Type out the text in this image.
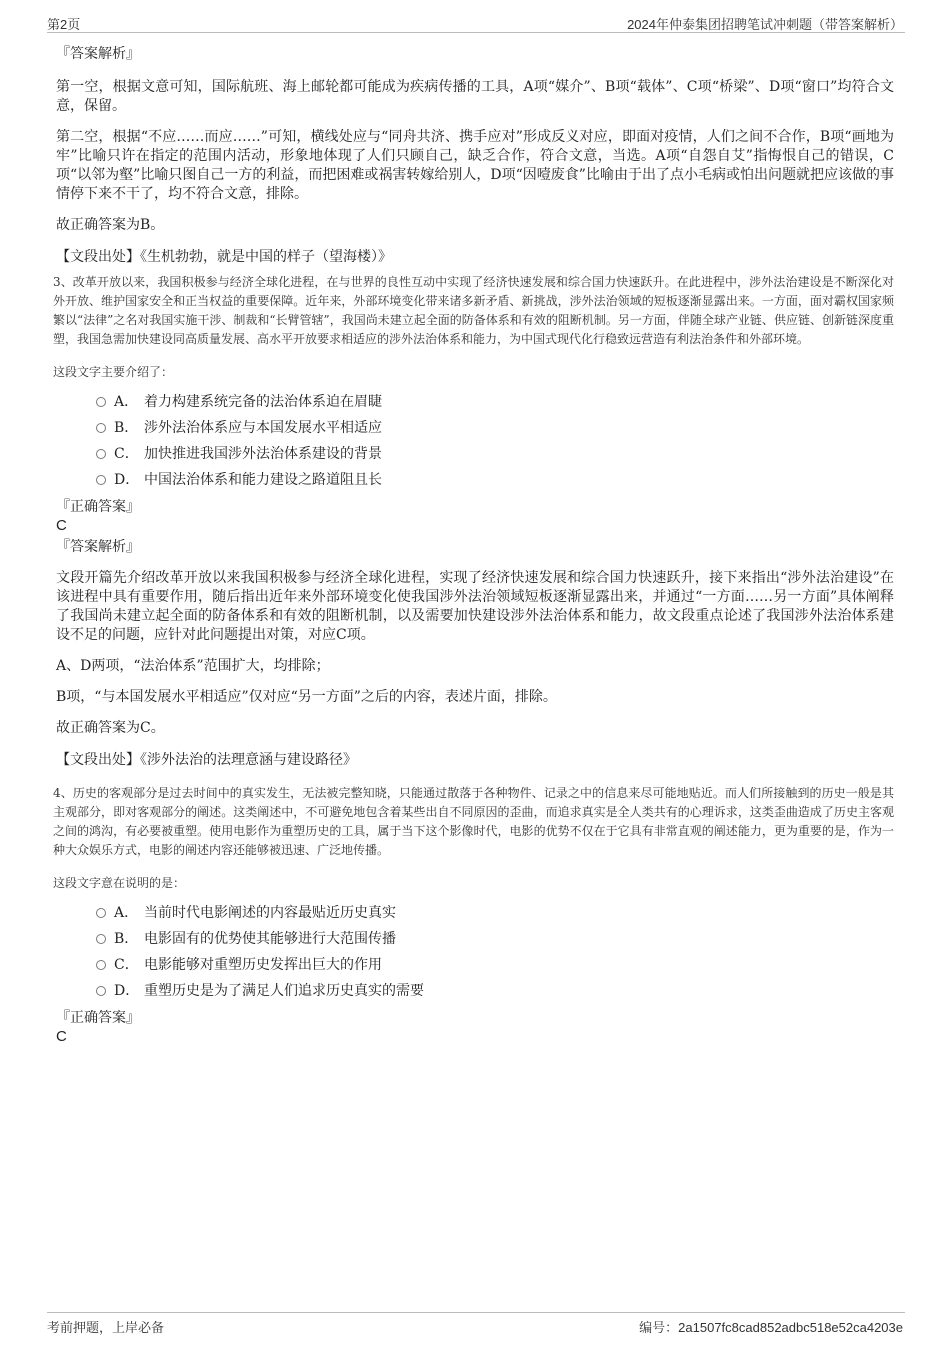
第2页	2024年仲泰集团招聘笔试冲刺题（带答案解析）

『答案解析』

第一空，根据文意可知，国际航班、海上邮轮都可能成为疾病传播的工具，A项“媒介”、B项“载体”、C项“桥梁”、D项“窗口”均符合文意，保留。

第二空，根据“不应……而应……”可知，横线处应与“同舟共济、携手应对”形成反义对应，即面对疫情，人们之间不合作，B项“画地为牢”比喻只许在指定的范围内活动，形象地体现了人们只顾自己，缺乏合作，符合文意，当选。A项“自怨自艾”指悔恨自己的错误，C项“以邻为壑”比喻只图自己一方的利益，而把困难或祸害转嫁给别人，D项“因噎废食”比喻由于出了点小毛病或怕出问题就把应该做的事情停下来不干了，均不符合文意，排除。

故正确答案为B。

【文段出处】《生机勃勃，就是中国的样子（望海楼）》

3、改革开放以来，我国积极参与经济全球化进程，在与世界的良性互动中实现了经济快速发展和综合国力快速跃升。在此进程中，涉外法治建设是不断深化对外开放、维护国家安全和正当权益的重要保障。近年来，外部环境变化带来诸多新矛盾、新挑战，涉外法治领域的短板逐渐显露出来。一方面，面对霸权国家频繁以“法律”之名对我国实施干涉、制裁和“长臂管辖”，我国尚未建立起全面的防备体系和有效的阻断机制。另一方面，伴随全球产业链、供应链、创新链深度重塑，我国急需加快建设同高质量发展、高水平开放要求相适应的涉外法治体系和能力，为中国式现代化行稳致远营造有利法治条件和外部环境。

这段文字主要介绍了：

A． 着力构建系统完备的法治体系迫在眉睫
B． 涉外法治体系应与本国发展水平相适应
C． 加快推进我国涉外法治体系建设的背景
D． 中国法治体系和能力建设之路道阻且长

『正确答案』

C

『答案解析』

文段开篇先介绍改革开放以来我国积极参与经济全球化进程，实现了经济快速发展和综合国力快速跃升，接下来指出“涉外法治建设”在该进程中具有重要作用，随后指出近年来外部环境变化使我国涉外法治领域短板逐渐显露出来，并通过“一方面……另一方面”具体阐释了我国尚未建立起全面的防备体系和有效的阻断机制，以及需要加快建设涉外法治体系和能力，故文段重点论述了我国涉外法治体系建设不足的问题，应针对此问题提出对策，对应C项。

A、D两项，“法治体系”范围扩大，均排除；

B项，“与本国发展水平相适应”仅对应“另一方面”之后的内容，表述片面，排除。

故正确答案为C。

【文段出处】《涉外法治的法理意涵与建设路径》

4、历史的客观部分是过去时间中的真实发生，无法被完整知晓，只能通过散落于各种物件、记录之中的信息来尽可能地贴近。而人们所接触到的历史一般是其主观部分，即对客观部分的阐述。这类阐述中，不可避免地包含着某些出自不同原因的歪曲，而追求真实是全人类共有的心理诉求，这类歪曲造成了历史主客观之间的鸿沟，有必要被重塑。使用电影作为重塑历史的工具，属于当下这个影像时代，电影的优势不仅在于它具有非常直观的阐述能力，更为重要的是，作为一种大众娱乐方式，电影的阐述内容还能够被迅速、广泛地传播。

这段文字意在说明的是：

A． 当前时代电影阐述的内容最贴近历史真实
B． 电影固有的优势使其能够进行大范围传播
C． 电影能够对重塑历史发挥出巨大的作用
D． 重塑历史是为了满足人们追求历史真实的需要

『正确答案』

C

考前押题，上岸必备	编号：2a1507fc8cad852adbc518e52ca4203e
